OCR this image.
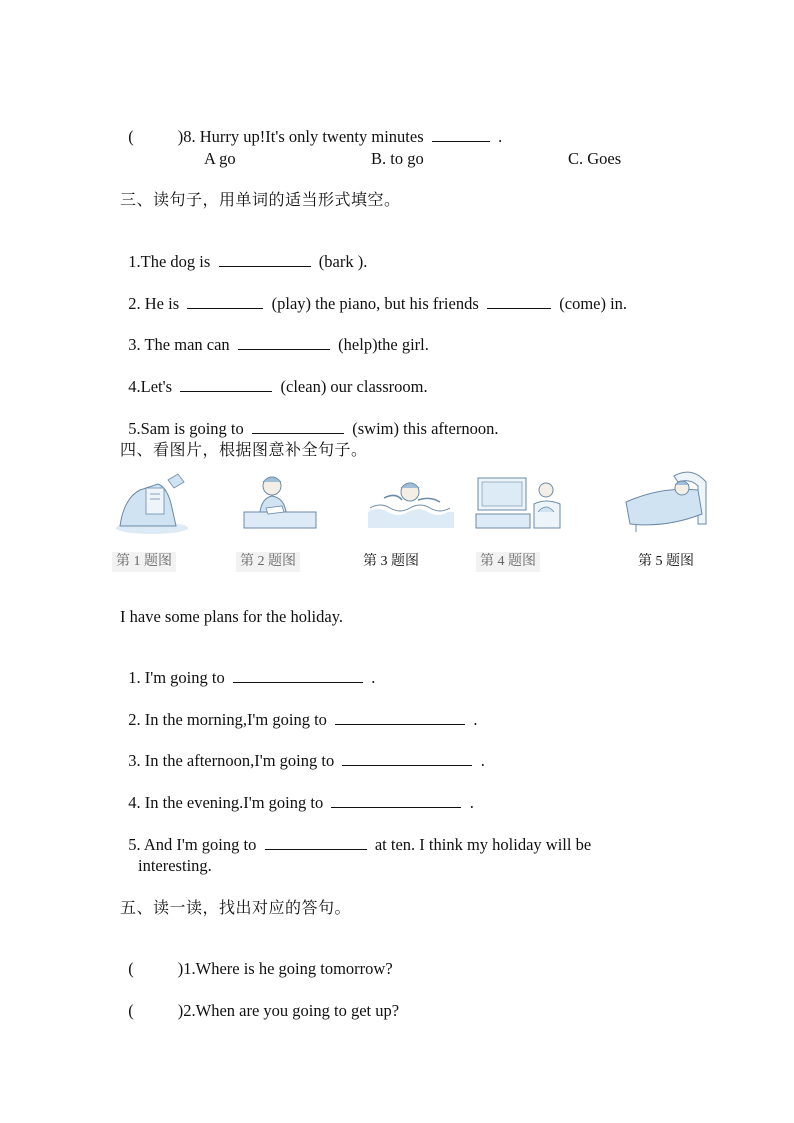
(	)8. Hurry up!It's only twenty minutes	.

A go	B. to go	C. Goes
三、读句子，用单词的适当形式填空。

1.The dog is	(bark ).

2. He is	(play) the piano, but his friends	(come) in.

3. The man can	(help)the girl.

4.Let's	(clean) our classroom.

5.Sam is going to	(swim) this afternoon.

四、看图片，根据图意补全句子。
第 1 题图	第 2 题图	第 3 题图	第 4 题图	第 5 题图
I have some plans for the holiday.

1. I'm going to	.

2. In the morning,I'm going to	.

3. In the afternoon,I'm going to	.

4. In the evening.I'm going to	.

5. And I'm going to	at ten. I think my holiday will be

interesting.
五、读一读，找出对应的答句。

(	)1.Where is he going tomorrow?

(	)2.When are you going to get up?
